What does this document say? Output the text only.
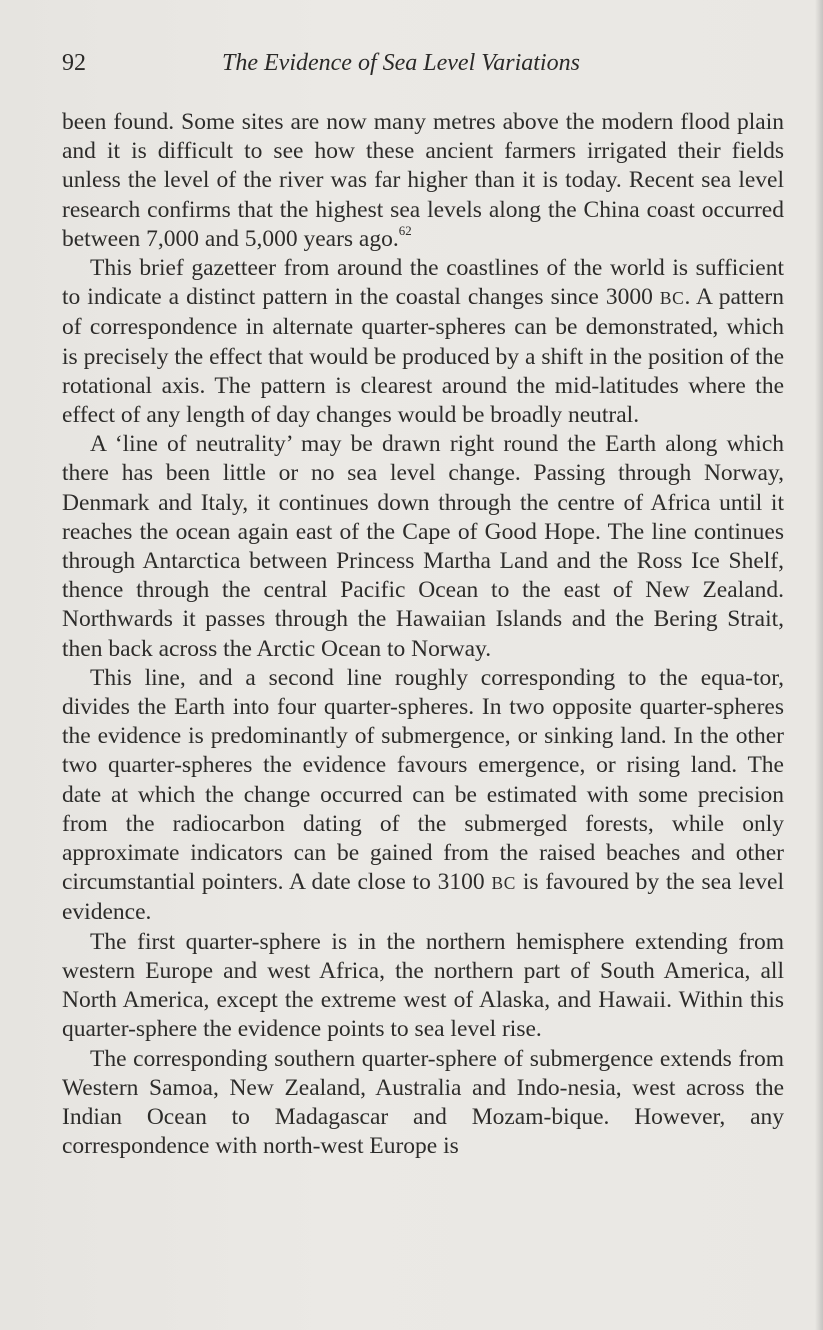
92	The Evidence of Sea Level Variations

been found. Some sites are now many metres above the modern flood plain and it is difficult to see how these ancient farmers irrigated their fields unless the level of the river was far higher than it is today. Recent sea level research confirms that the highest sea levels along the China coast occurred between 7,000 and 5,000 years ago.$^{62}$

This brief gazetteer from around the coastlines of the world is sufficient to indicate a distinct pattern in the coastal changes since 3000 BC. A pattern of correspondence in alternate quarter-spheres can be demonstrated, which is precisely the effect that would be produced by a shift in the position of the rotational axis. The pattern is clearest around the mid-latitudes where the effect of any length of day changes would be broadly neutral.

A ‘line of neutrality’ may be drawn right round the Earth along which there has been little or no sea level change. Passing through Norway, Denmark and Italy, it continues down through the centre of Africa until it reaches the ocean again east of the Cape of Good Hope. The line continues through Antarctica between Princess Martha Land and the Ross Ice Shelf, thence through the central Pacific Ocean to the east of New Zealand. Northwards it passes through the Hawaiian Islands and the Bering Strait, then back across the Arctic Ocean to Norway.

This line, and a second line roughly corresponding to the equa-tor, divides the Earth into four quarter-spheres. In two opposite quarter-spheres the evidence is predominantly of submergence, or sinking land. In the other two quarter-spheres the evidence favours emergence, or rising land. The date at which the change occurred can be estimated with some precision from the radiocarbon dating of the submerged forests, while only approximate indicators can be gained from the raised beaches and other circumstantial pointers. A date close to 3100 BC is favoured by the sea level evidence.

The first quarter-sphere is in the northern hemisphere extending from western Europe and west Africa, the northern part of South America, all North America, except the extreme west of Alaska, and Hawaii. Within this quarter-sphere the evidence points to sea level rise.

The corresponding southern quarter-sphere of submergence extends from Western Samoa, New Zealand, Australia and Indo-nesia, west across the Indian Ocean to Madagascar and Mozam-bique. However, any correspondence with north-west Europe is
